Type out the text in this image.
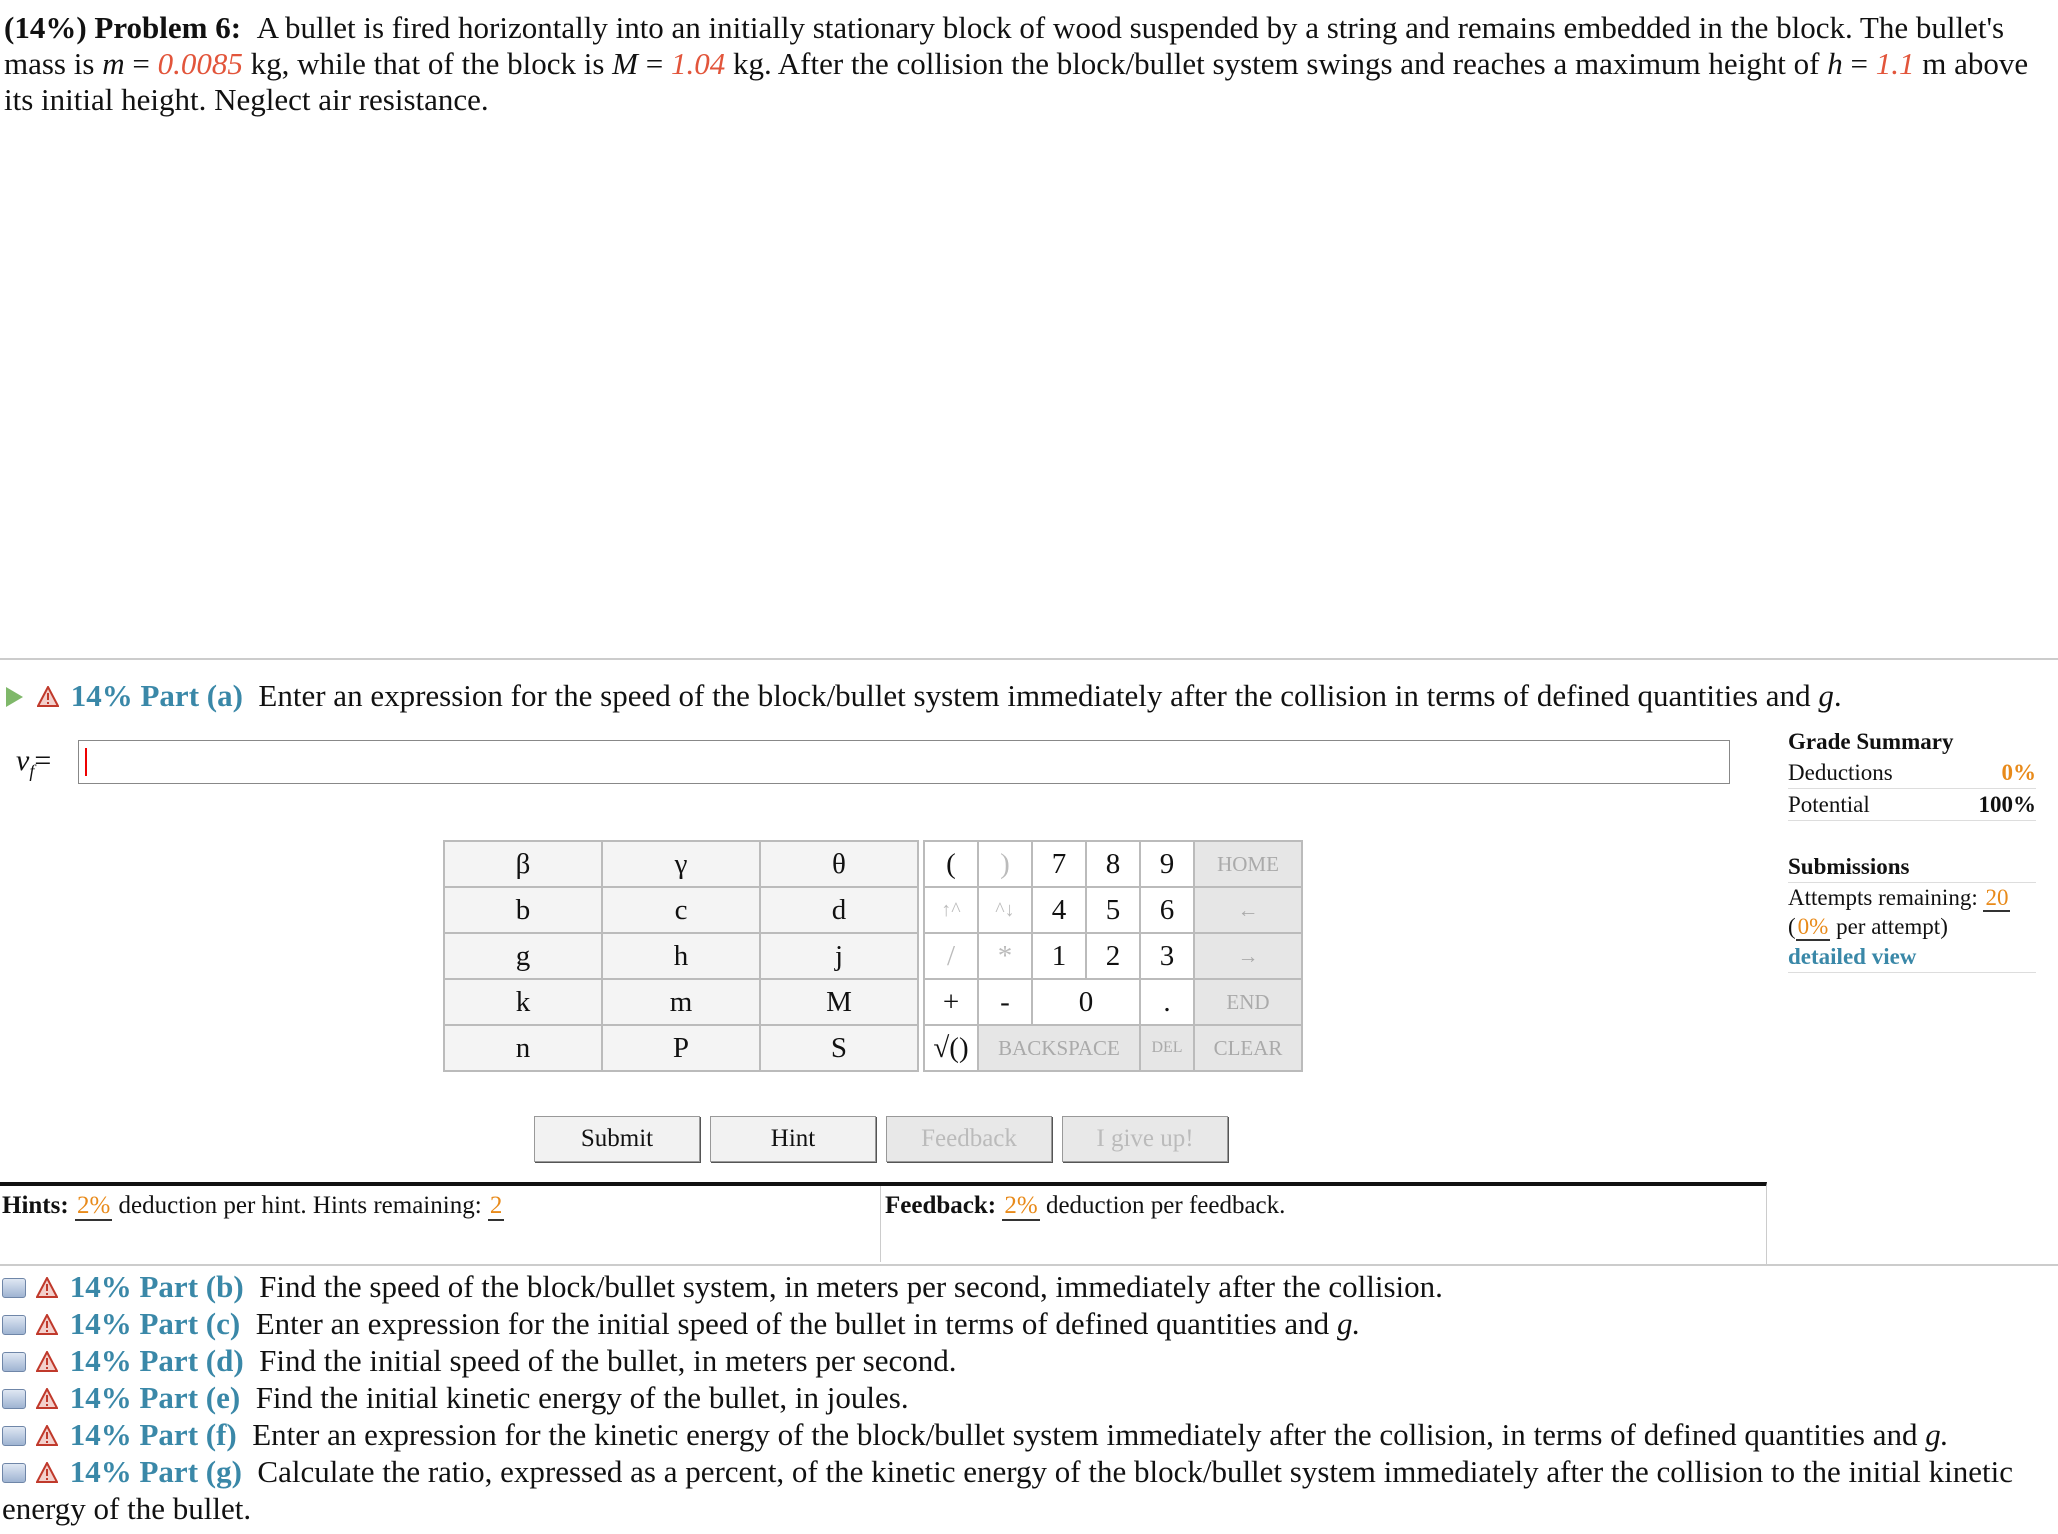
(14%) Problem 6: A bullet is fired horizontally into an initially stationary block of wood suspended by a string and remains embedded in the block. The bullet's mass is m = 0.0085 kg, while that of the block is M = 1.04 kg. After the collision the block/bullet system swings and reaches a maximum height of h = 1.1 m above its initial height. Neglect air resistance.
14% Part (a) Enter an expression for the speed of the block/bullet system immediately after the collision in terms of defined quantities and g.
$v_f=$
Grade Summary
Deductions	0%
Potential	100%
Submissions
Attempts remaining: 20
(0% per attempt)
detailed view
β	γ	θ		(	)	7	8	9	HOME
b	c	d		↑^	^↓	4	5	6	←
g	h	j		/	*	1	2	3	→
k	m	M		+	-	0		.	END
n	P	S		√()	BACKSPACE			DEL	CLEAR
Submit	Hint	Feedback	I give up!
Hints: 2% deduction per hint. Hints remaining: 2	Feedback: 2% deduction per feedback.
14% Part (b) Find the speed of the block/bullet system, in meters per second, immediately after the collision.
14% Part (c) Enter an expression for the initial speed of the bullet in terms of defined quantities and g.
14% Part (d) Find the initial speed of the bullet, in meters per second.
14% Part (e) Find the initial kinetic energy of the bullet, in joules.
14% Part (f) Enter an expression for the kinetic energy of the block/bullet system immediately after the collision, in terms of defined quantities and g.
14% Part (g) Calculate the ratio, expressed as a percent, of the kinetic energy of the block/bullet system immediately after the collision to the initial kinetic energy of the bullet.
